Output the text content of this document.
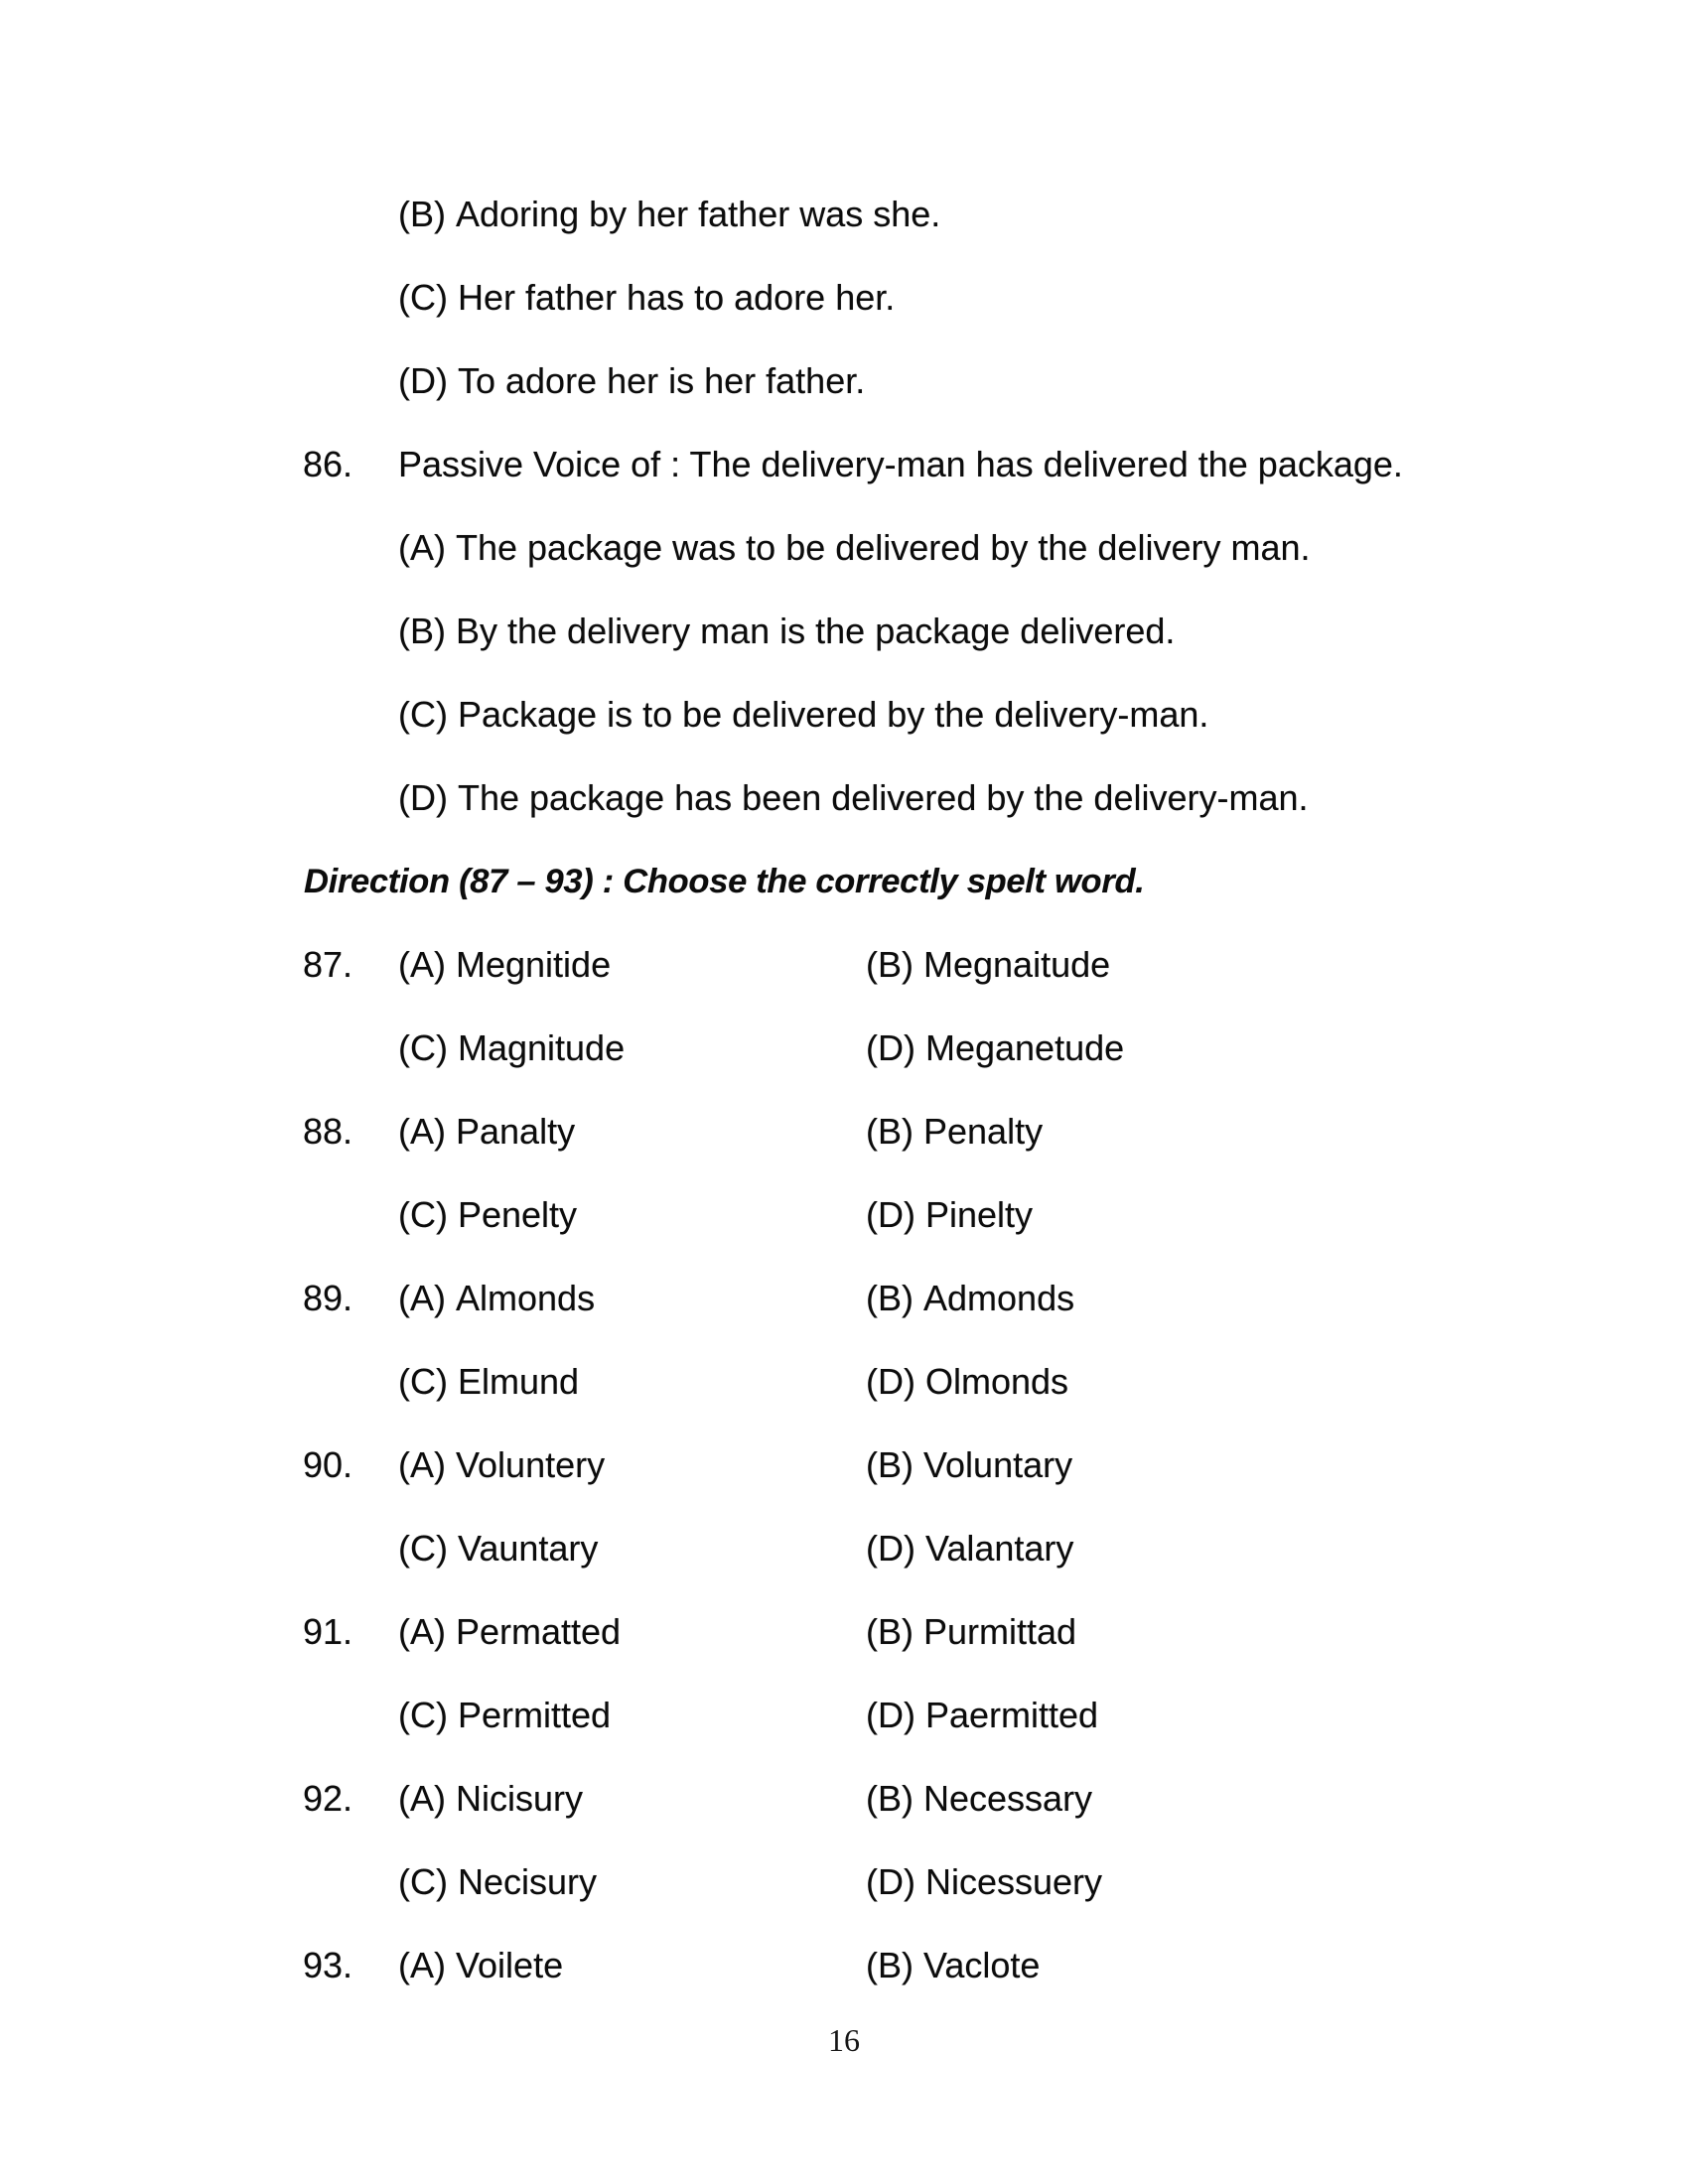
(B) Adoring by her father was she.
(C) Her father has to adore her.
(D) To adore her is her father.
86. Passive Voice of : The delivery-man has delivered the package.
(A) The package was to be delivered by the delivery man.
(B) By the delivery man is the package delivered.
(C) Package is to be delivered by the delivery-man.
(D) The package has been delivered by the delivery-man.
Direction (87 – 93) : Choose the correctly spelt word.
87. (A) Megnitide	(B) Megnaitude
(C) Magnitude	(D) Meganetude
88. (A) Panalty	(B) Penalty
(C) Penelty	(D) Pinelty
89. (A) Almonds	(B) Admonds
(C) Elmund	(D) Olmonds
90. (A) Voluntery	(B) Voluntary
(C) Vauntary	(D) Valantary
91. (A) Permatted	(B) Purmittad
(C) Permitted	(D) Paermitted
92. (A) Nicisury	(B) Necessary
(C) Necisury	(D) Nicessuery
93. (A) Voilete	(B) Vaclote
16
